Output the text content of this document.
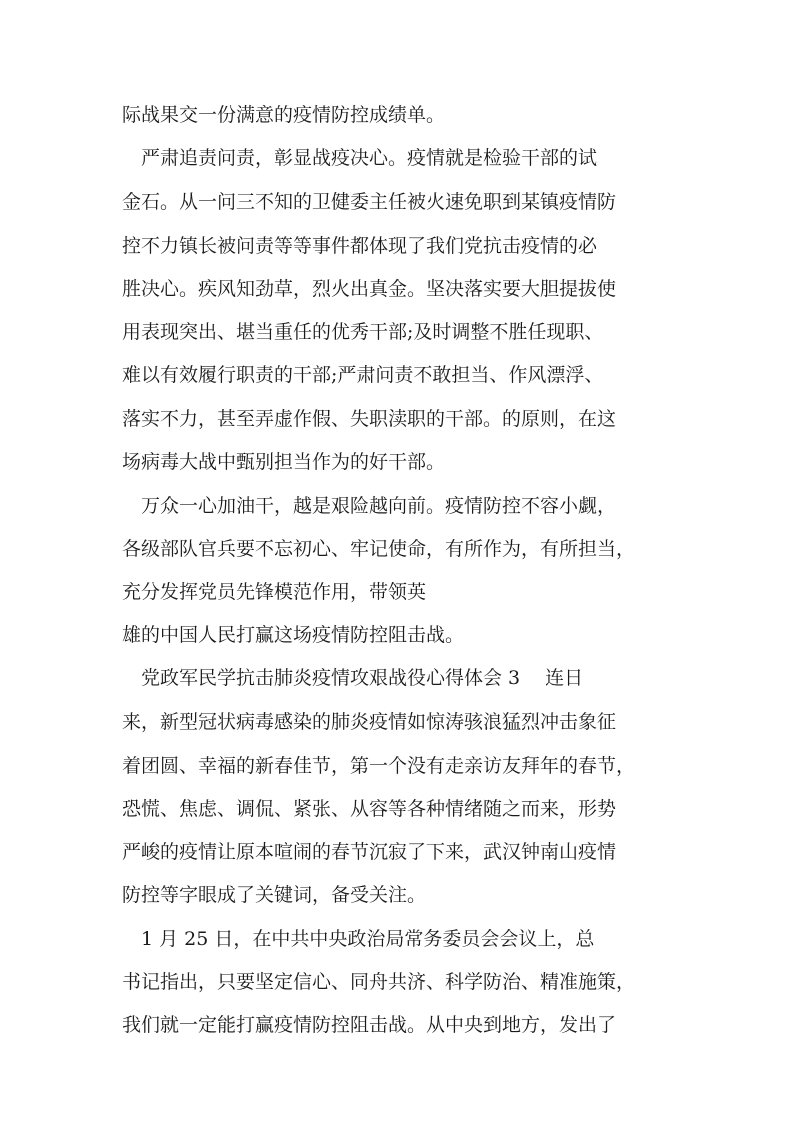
际战果交一份满意的疫情防控成绩单。
　严肃追责问责，彰显战疫决心。疫情就是检验干部的试
金石。从一问三不知的卫健委主任被火速免职到某镇疫情防
控不力镇长被问责等等事件都体现了我们党抗击疫情的必
胜决心。疾风知劲草，烈火出真金。坚决落实要大胆提拔使
用表现突出、堪当重任的优秀干部;及时调整不胜任现职、
难以有效履行职责的干部;严肃问责不敢担当、作风漂浮、
落实不力，甚至弄虚作假、失职渎职的干部。的原则，在这
场病毒大战中甄别担当作为的好干部。
　万众一心加油干，越是艰险越向前。疫情防控不容小觑，
各级部队官兵要不忘初心、牢记使命，有所作为，有所担当，
充分发挥党员先锋模范作用，带领英
雄的中国人民打赢这场疫情防控阻击战。
　党政军民学抗击肺炎疫情攻艰战役心得体会 3　 连日
来，新型冠状病毒感染的肺炎疫情如惊涛骇浪猛烈冲击象征
着团圆、幸福的新春佳节，第一个没有走亲访友拜年的春节，
恐慌、焦虑、调侃、紧张、从容等各种情绪随之而来，形势
严峻的疫情让原本喧闹的春节沉寂了下来，武汉钟南山疫情
防控等字眼成了关键词，备受关注。
　1 月 25 日，在中共中央政治局常务委员会会议上，总
书记指出，只要坚定信心、同舟共济、科学防治、精准施策，
我们就一定能打赢疫情防控阻击战。从中央到地方，发出了
